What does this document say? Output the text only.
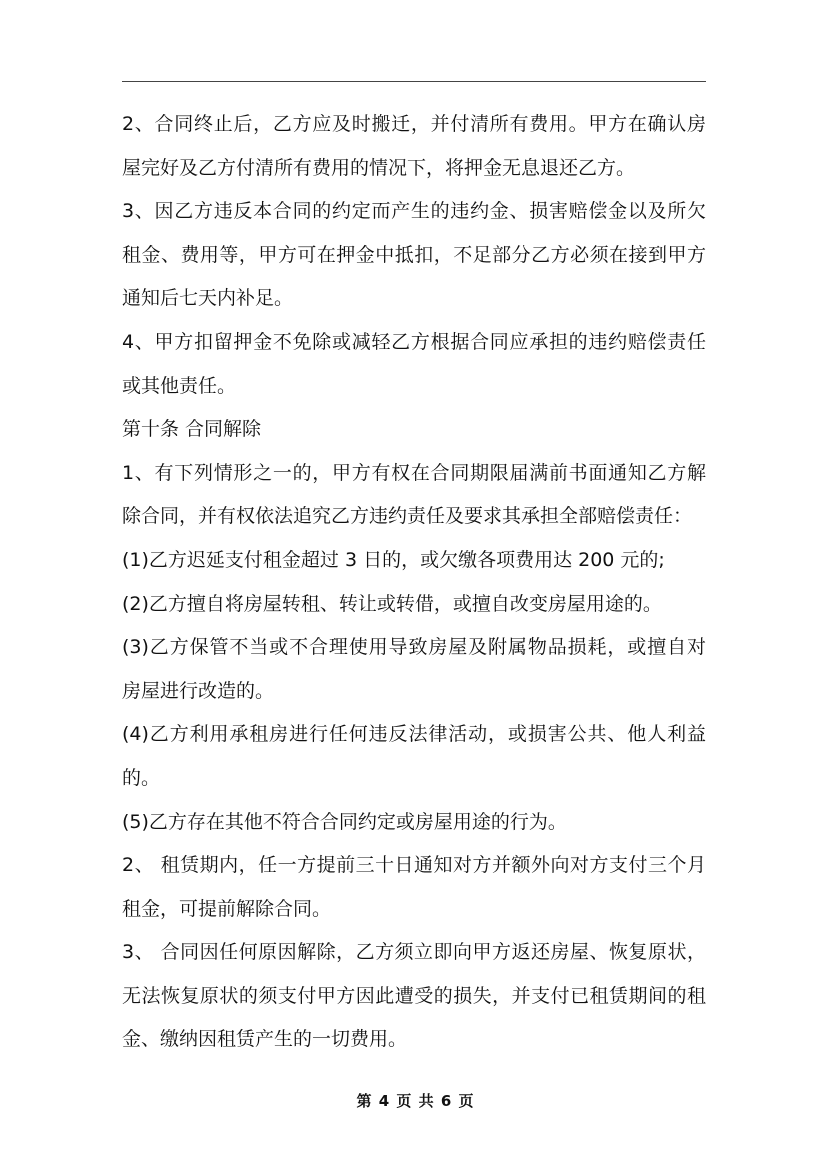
2、合同终止后，乙方应及时搬迁，并付清所有费用。甲方在确认房
屋完好及乙方付清所有费用的情况下，将押金无息退还乙方。
3、因乙方违反本合同的约定而产生的违约金、损害赔偿金以及所欠
租金、费用等，甲方可在押金中抵扣，不足部分乙方必须在接到甲方
通知后七天内补足。
4、甲方扣留押金不免除或减轻乙方根据合同应承担的违约赔偿责任
或其他责任。
第十条 合同解除
1、有下列情形之一的，甲方有权在合同期限届满前书面通知乙方解
除合同，并有权依法追究乙方违约责任及要求其承担全部赔偿责任：
(1)乙方迟延支付租金超过 3 日的，或欠缴各项费用达 200 元的;
(2)乙方擅自将房屋转租、转让或转借，或擅自改变房屋用途的。
(3)乙方保管不当或不合理使用导致房屋及附属物品损耗，或擅自对
房屋进行改造的。
(4)乙方利用承租房进行任何违反法律活动，或损害公共、他人利益
的。
(5)乙方存在其他不符合合同约定或房屋用途的行为。
2、 租赁期内，任一方提前三十日通知对方并额外向对方支付三个月
租金，可提前解除合同。
3、 合同因任何原因解除，乙方须立即向甲方返还房屋、恢复原状，
无法恢复原状的须支付甲方因此遭受的损失，并支付已租赁期间的租
金、缴纳因租赁产生的一切费用。
第 4 页 共 6 页
